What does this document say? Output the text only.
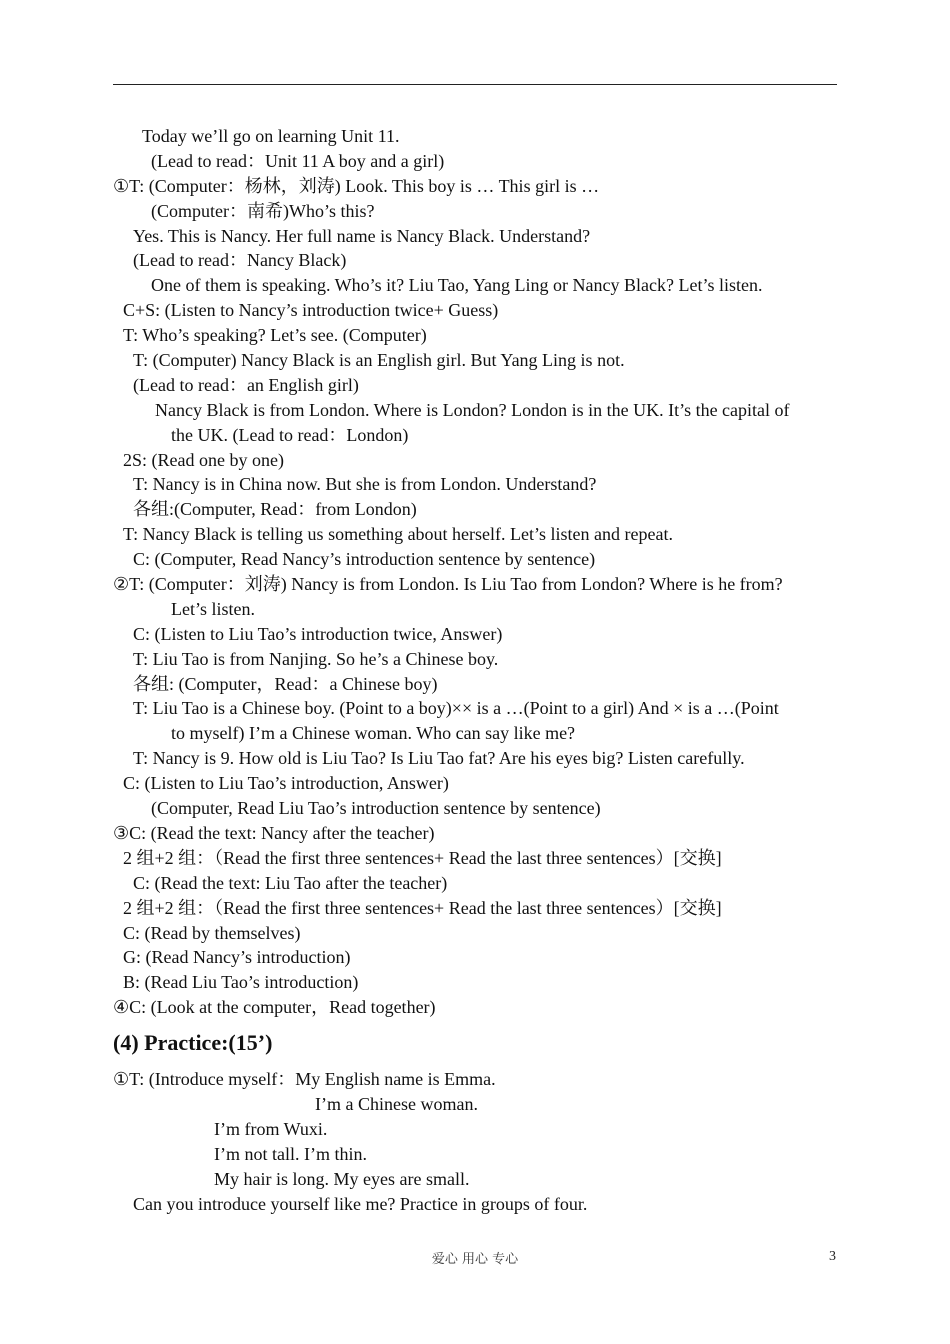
Today we’ll go on learning Unit 11.
(Lead to read：Unit 11 A boy and a girl)
①T: (Computer：杨林，刘涛) Look. This boy is … This girl is …
(Computer：南希)Who’s this?
Yes. This is Nancy. Her full name is Nancy Black. Understand?
(Lead to read：Nancy Black)
One of them is speaking. Who’s it? Liu Tao, Yang Ling or Nancy Black? Let’s listen.
C+S: (Listen to Nancy’s introduction twice+ Guess)
T: Who’s speaking? Let’s see. (Computer)
T: (Computer) Nancy Black is an English girl. But Yang Ling is not.
(Lead to read：an English girl)
Nancy Black is from London. Where is London? London is in the UK. It’s the capital of
the UK. (Lead to read：London)
2S: (Read one by one)
T: Nancy is in China now. But she is from London. Understand?
各组:(Computer, Read：from London)
T: Nancy Black is telling us something about herself. Let’s listen and repeat.
C: (Computer, Read Nancy’s introduction sentence by sentence)
②T: (Computer：刘涛) Nancy is from London. Is Liu Tao from London? Where is he from?
Let’s listen.
C: (Listen to Liu Tao’s introduction twice, Answer)
T: Liu Tao is from Nanjing. So he’s a Chinese boy.
各组: (Computer，Read：a Chinese boy)
T: Liu Tao is a Chinese boy. (Point to a boy)×× is a …(Point to a girl) And × is a …(Point
to myself) I’m a Chinese woman. Who can say like me?
T: Nancy is 9. How old is Liu Tao? Is Liu Tao fat? Are his eyes big? Listen carefully.
C: (Listen to Liu Tao’s introduction, Answer)
(Computer, Read Liu Tao’s introduction sentence by sentence)
③C: (Read the text: Nancy after the teacher)
2 组+2 组：（Read the first three sentences+ Read the last three sentences）[交换]
C: (Read the text: Liu Tao after the teacher)
2 组+2 组：（Read the first three sentences+ Read the last three sentences）[交换]
C: (Read by themselves)
G: (Read Nancy’s introduction)
B: (Read Liu Tao’s introduction)
④C: (Look at the computer，Read together)
(4) Practice:(15’)
①T: (Introduce myself：My English name is Emma.
I’m a Chinese woman.
I’m from Wuxi.
I’m not tall. I’m thin.
My hair is long. My eyes are small.
Can you introduce yourself like me? Practice in groups of four.
爱心 用心 专心	3
